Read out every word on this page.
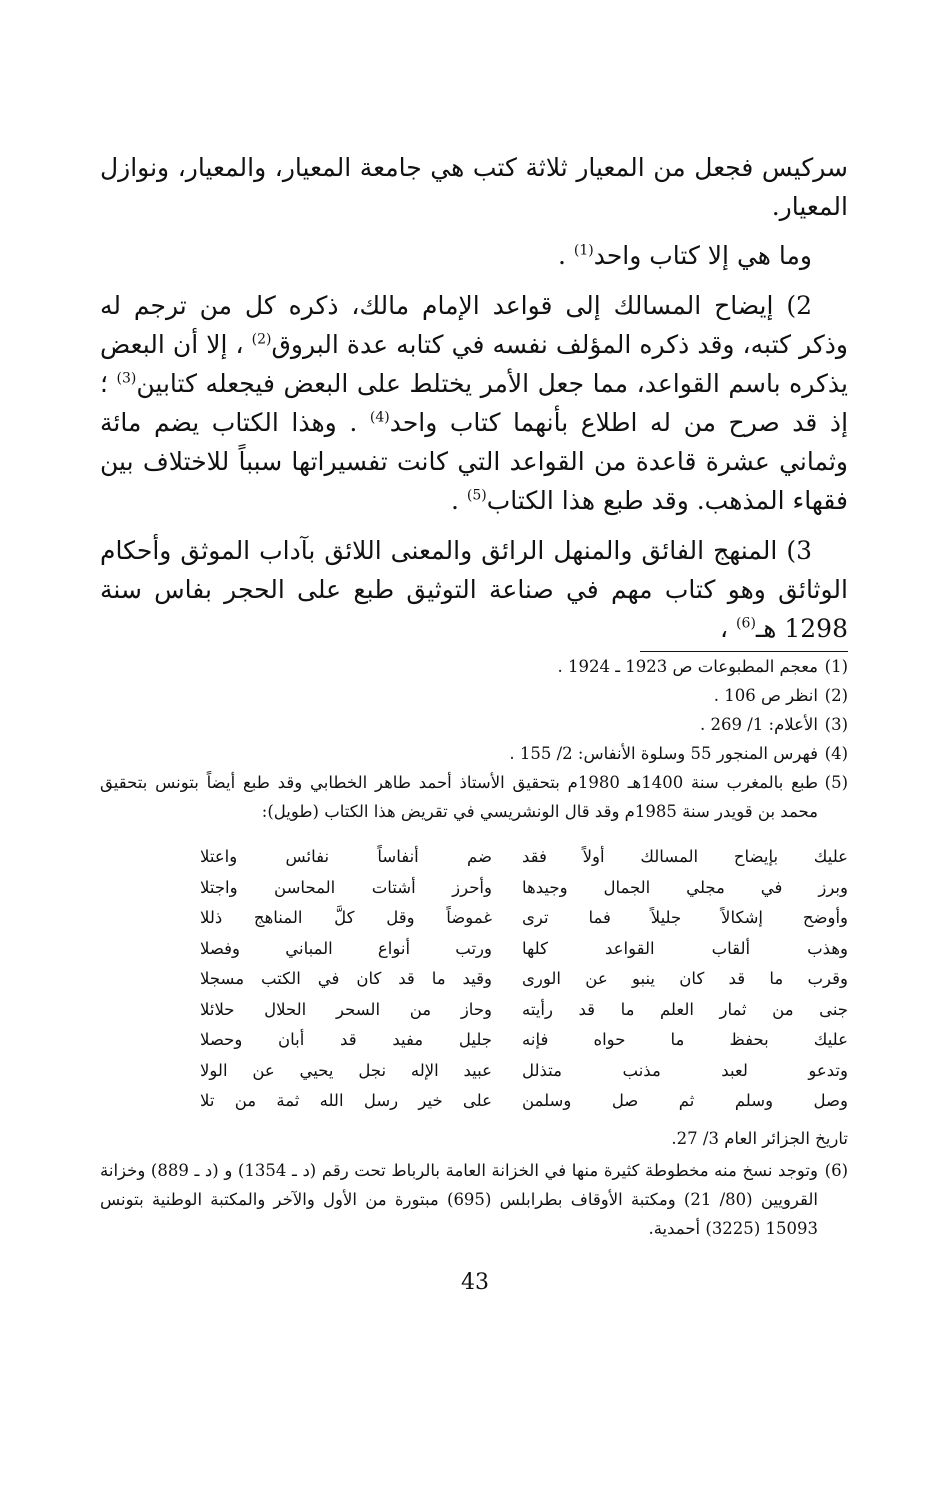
سركيس فجعل من المعيار ثلاثة كتب هي جامعة المعيار، والمعيار، ونوازل المعيار.

وما هي إلا كتاب واحد$^{(1)}$ .

2) إيضاح المسالك إلى قواعد الإمام مالك، ذكره كل من ترجم له وذكر كتبه، وقد ذكره المؤلف نفسه في كتابه عدة البروق$^{(2)}$ ، إلا أن البعض يذكره باسم القواعد، مما جعل الأمر يختلط على البعض فيجعله كتابين$^{(3)}$ ؛ إذ قد صرح من له اطلاع بأنهما كتاب واحد$^{(4)}$ . وهذا الكتاب يضم مائة وثماني عشرة قاعدة من القواعد التي كانت تفسيراتها سبباً للاختلاف بين فقهاء المذهب. وقد طبع هذا الكتاب$^{(5)}$ .

3) المنهج الفائق والمنهل الرائق والمعنى اللائق بآداب الموثق وأحكام الوثائق وهو كتاب مهم في صناعة التوثيق طبع على الحجر بفاس سنة 1298 هـ$^{(6)}$ ،

(1)
معجم المطبوعات ص 1923 ـ 1924 .

(2)
انظر ص 106 .

(3)
الأعلام: 1/ 269 .

(4)
فهرس المنجور 55 وسلوة الأنفاس: 2/ 155 .

(5)
طبع بالمغرب سنة 1400هـ 1980م بتحقيق الأستاذ أحمد طاهر الخطابي وقد طبع أيضاً بتونس بتحقيق محمد بن قويدر سنة 1985م وقد قال الونشريسي في تقريض هذا الكتاب (طويل):

عليك بإيضاح المسالك أولاً فقد
ضم أنفاساً نفائس واعتلا
وبرز في مجلي الجمال وجيدها
وأحرز أشتات المحاسن واجتلا
وأوضح إشكالاً جليلاً فما ترى
غموضاً وقل كلَّ المناهج ذللا
وهذب ألقاب القواعد كلها
ورتب أنواع المباني وفصلا
وقرب ما قد كان ينبو عن الورى
وقيد ما قد كان في الكتب مسجلا
جنى من ثمار العلم ما قد رأيته
وحاز من السحر الحلال حلائلا
عليك بحفظ ما حواه فإنه
جليل مفيد قد أبان وحصلا
وتدعو لعبد مذنب متذلل
عبيد الإله نجل يحيي عن الولا
وصل وسلم ثم صل وسلمن
على خير رسل الله ثمة من تلا
تاريخ الجزائر العام 3/ 27.

(6)
وتوجد نسخ منه مخطوطة كثيرة منها في الخزانة العامة بالرباط تحت رقم (د ـ 1354) و (د ـ 889) وخزانة القرويين (80/ 21) ومكتبة الأوقاف بطرابلس (695) مبتورة من الأول والآخر والمكتبة الوطنية بتونس 15093 (3225) أحمدية.

43
